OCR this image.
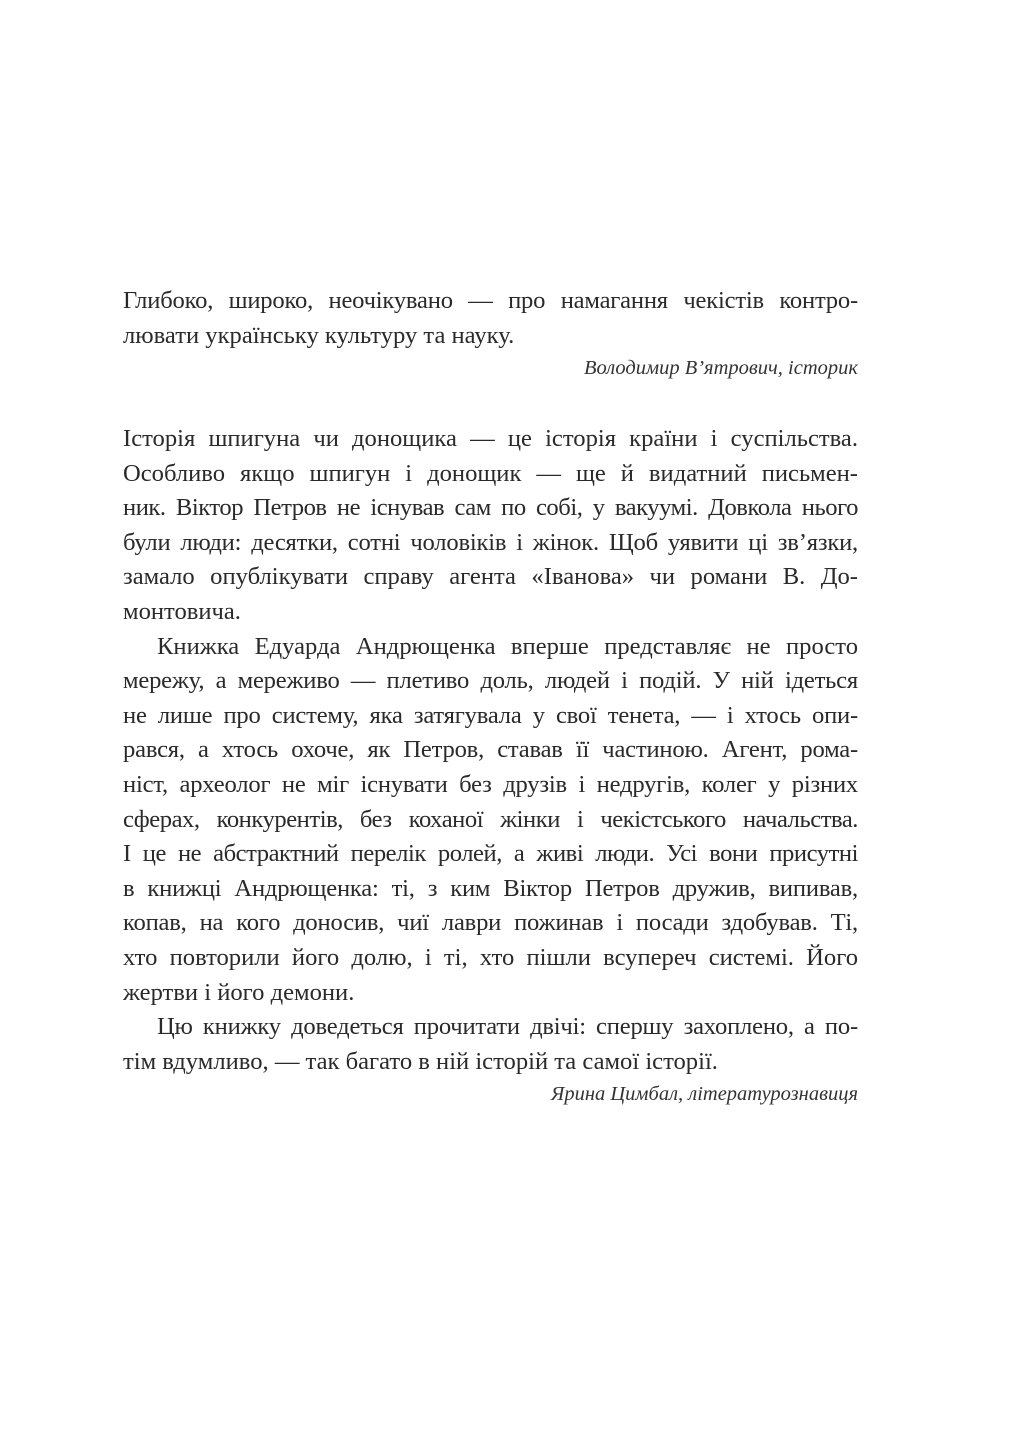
Глибоко, широко, неочікувано — про намагання чекістів контро-
лювати українську культуру та науку.
Володимир В’ятрович, історик
Історія шпигуна чи донощика — це історія країни і суспільства.
Особливо якщо шпигун і донощик — ще й видатний письмен-
ник. Віктор Петров не існував сам по собі, у вакуумі. Довкола нього
були люди: десятки, сотні чоловіків і жінок. Щоб уявити ці зв’язки,
замало опублікувати справу агента «Іванова» чи романи В. До-
монтовича.
Книжка Едуарда Андрющенка вперше представляє не просто
мережу, а мереживо — плетиво доль, людей і подій. У ній ідеться
не лише про систему, яка затягувала у свої тенета, — і хтось опи-
рався, а хтось охоче, як Петров, ставав її частиною. Агент, рома-
ніст, археолог не міг існувати без друзів і недругів, колег у різних
сферах, конкурентів, без коханої жінки і чекістського начальства.
І це не абстрактний перелік ролей, а живі люди. Усі вони присутні
в книжці Андрющенка: ті, з ким Віктор Петров дружив, випивав,
копав, на кого доносив, чиї лаври пожинав і посади здобував. Ті,
хто повторили його долю, і ті, хто пішли всупереч системі. Його
жертви і його демони.
Цю книжку доведеться прочитати двічі: спершу захоплено, а по-
тім вдумливо, — так багато в ній історій та самої історії.
Ярина Цимбал, літературознавиця
